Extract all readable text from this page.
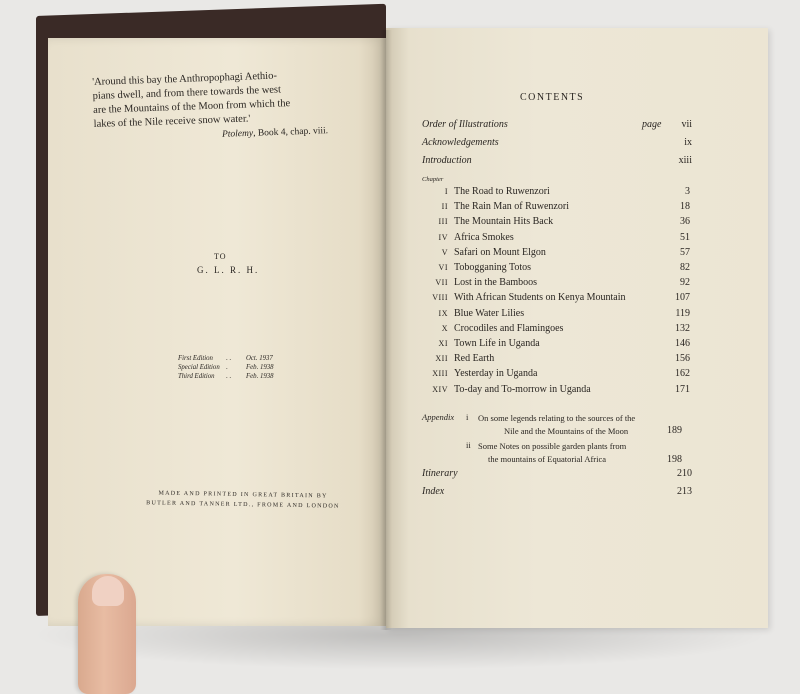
'Around this bay the Anthropophagi Aethio-
pians dwell, and from there towards the west
are the Mountains of the Moon from which the
lakes of the Nile receive snow water.'
Ptolemy, Book 4, chap. viii.
TO
G. L. R. H.
First Edition	. .	Oct. 1937
Special Edition .	Feb. 1938
Third Edition	. .	Feb. 1938
MADE AND PRINTED IN GREAT BRITAIN BY
BUTLER AND TANNER LTD., FROME AND LONDON
CONTENTS
Order of Illustrations	page vii
Acknowledgements	ix
Introduction	xiii
Chapter
I The Road to Ruwenzori	3
II The Rain Man of Ruwenzori	18
III The Mountain Hits Back	36
IV Africa Smokes	51
V Safari on Mount Elgon	57
VI Tobogganing Totos	82
VII Lost in the Bamboos	92
VIII With African Students on Kenya Mountain	107
IX Blue Water Lilies	119
X Crocodiles and Flamingoes	132
XI Town Life in Uganda	146
XII Red Earth	156
XIII Yesterday in Uganda	162
XIV To-day and To-morrow in Uganda	171
Appendix i On some legends relating to the sources of the
Nile and the Mountains of the Moon	189
ii Some Notes on possible garden plants from
the mountains of Equatorial Africa	198
Itinerary	210
Index	213
